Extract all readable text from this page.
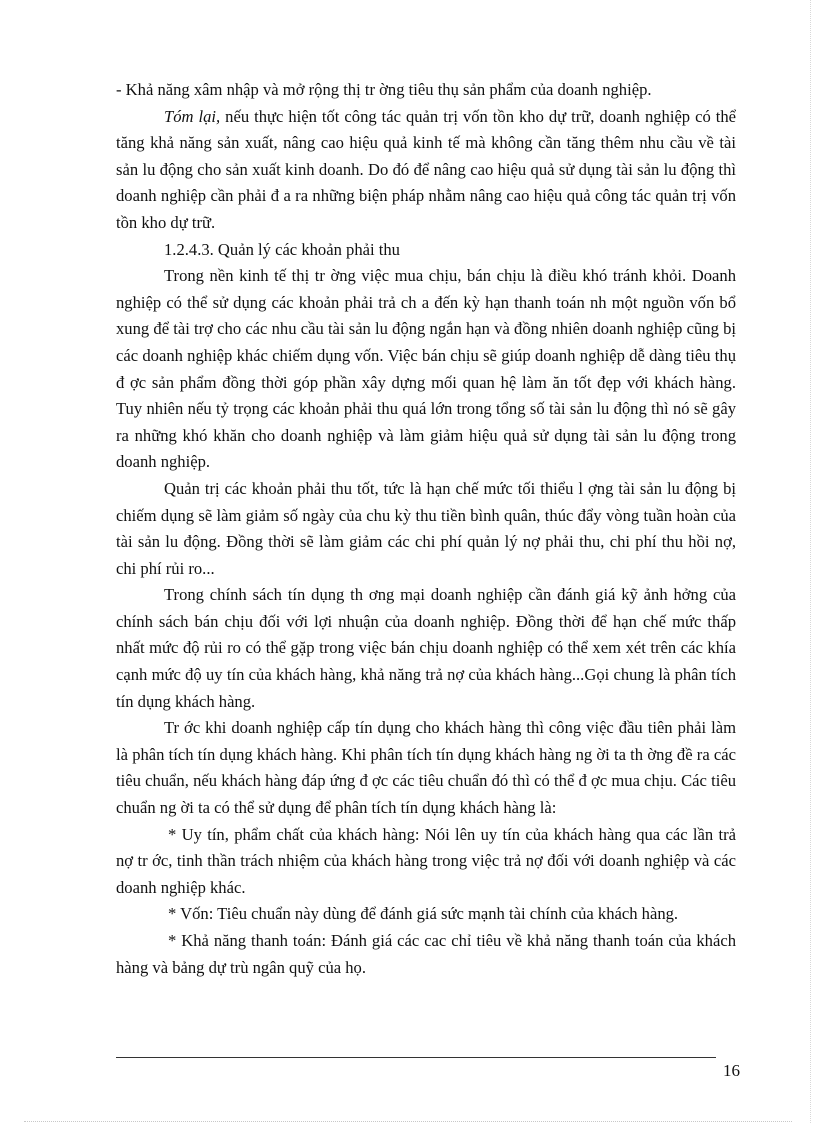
- Khả năng xâm nhập và mở rộng thị tr ờng tiêu thụ sản phẩm của doanh nghiệp.

Tóm lại, nếu thực hiện tốt công tác quản trị vốn tồn kho dự trữ, doanh nghiệp có thể tăng khả năng sản xuất, nâng cao hiệu quả kinh tế mà không cần tăng thêm nhu cầu về tài sản lu động cho sản xuất kinh doanh. Do đó để nâng cao hiệu quả sử dụng tài sản lu động thì doanh nghiệp cần phải đ a ra những biện pháp nhằm nâng cao hiệu quả công tác quản trị vốn tồn kho dự trữ.

1.2.4.3. Quản lý các khoản phải thu

Trong nền kinh tế thị tr ờng việc mua chịu, bán chịu là điều khó tránh khỏi. Doanh nghiệp có thể sử dụng các khoản phải trả ch a đến kỳ hạn thanh toán nh một nguồn vốn bổ xung để tài trợ cho các nhu cầu tài sản lu động ngắn hạn và đồng nhiên doanh nghiệp cũng bị các doanh nghiệp khác chiếm dụng vốn. Việc bán chịu sẽ giúp doanh nghiệp dễ dàng tiêu thụ đ ợc sản phẩm đồng thời góp phần xây dựng mối quan hệ làm ăn tốt đẹp với khách hàng. Tuy nhiên nếu tỷ trọng các khoản phải thu quá lớn trong tổng số tài sản lu động thì nó sẽ gây ra những khó khăn cho doanh nghiệp và làm giảm hiệu quả sử dụng tài sản lu động trong doanh nghiệp.

Quản trị các khoản phải thu tốt, tức là hạn chế mức tối thiểu l ợng tài sản lu động bị chiếm dụng sẽ làm giảm số ngày của chu kỳ thu tiền bình quân, thúc đẩy vòng tuần hoàn của tài sản lu động. Đồng thời sẽ làm giảm các chi phí quản lý nợ phải thu, chi phí thu hồi nợ, chi phí rủi ro...

Trong chính sách tín dụng th ơng mại doanh nghiệp cần đánh giá kỹ ảnh hởng của chính sách bán chịu đối với lợi nhuận của doanh nghiệp. Đồng thời để hạn chế mức thấp nhất mức độ rủi ro có thể gặp trong việc bán chịu doanh nghiệp có thể xem xét trên các khía cạnh mức độ uy tín của khách hàng, khả năng trả nợ của khách hàng...Gọi chung là phân tích tín dụng khách hàng.

Tr ớc khi doanh nghiệp cấp tín dụng cho khách hàng thì công việc đầu tiên phải làm là phân tích tín dụng khách hàng. Khi phân tích tín dụng khách hàng ng ời ta th ờng đề ra các tiêu chuẩn, nếu khách hàng đáp ứng đ ợc các tiêu chuẩn đó thì có thể đ ợc mua chịu. Các tiêu chuẩn ng ời ta có thể sử dụng để phân tích tín dụng khách hàng là:

* Uy tín, phẩm chất của khách hàng: Nói lên uy tín của khách hàng qua các lần trả nợ tr ớc, tinh thần trách nhiệm của khách hàng trong việc trả nợ đối với doanh nghiệp và các doanh nghiệp khác.

* Vốn: Tiêu chuẩn này dùng để đánh giá sức mạnh tài chính của khách hàng.

* Khả năng thanh toán: Đánh giá các cac chỉ tiêu về khả năng thanh toán của khách hàng và bảng dự trù ngân quỹ của họ.

16
